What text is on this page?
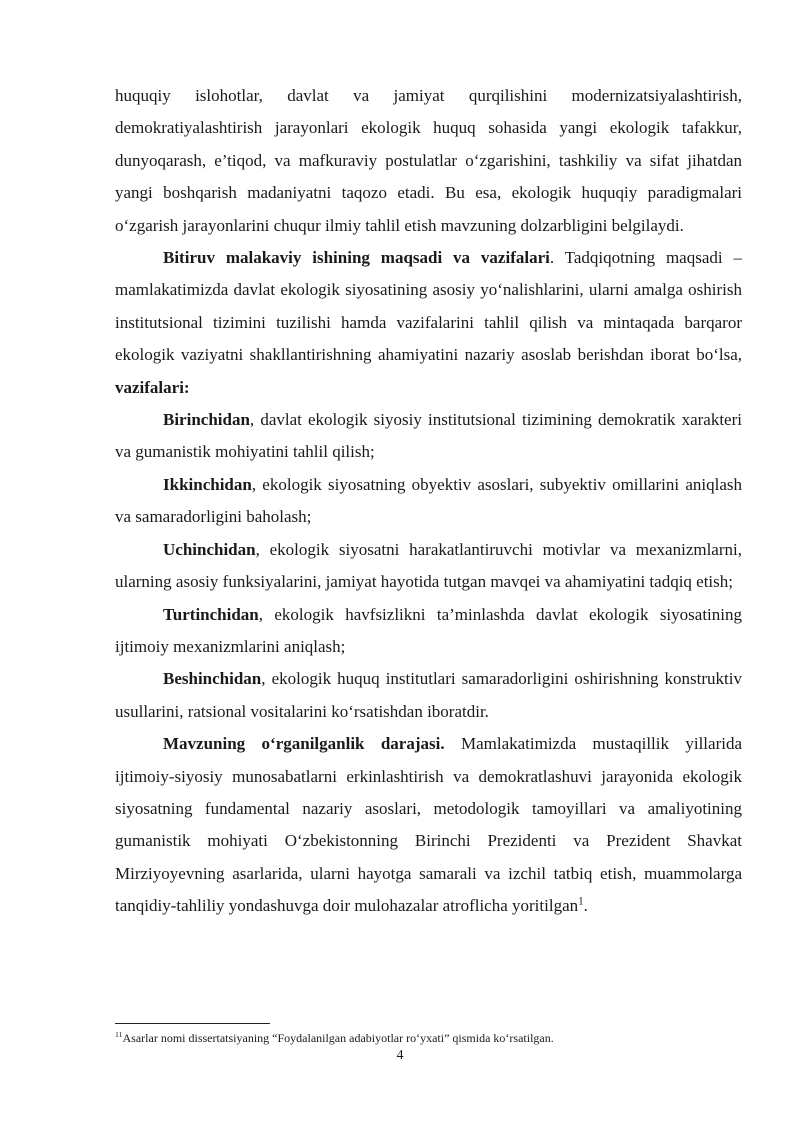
huquqiy islohotlar, davlat va jamiyat qurqilishini modernizatsiyalashtirish, demokratiyalashtirish jarayonlari ekologik huquq sohasida yangi ekologik tafakkur, dunyoqarash, e’tiqod, va mafkuraviy postulatlar o‘zgarishini, tashkiliy va sifat jihatdan yangi boshqarish madaniyatni taqozo etadi. Bu esa, ekologik huquqiy paradigmalari o‘zgarish jarayonlarini chuqur ilmiy tahlil etish mavzuning dolzarbligini belgilaydi.

Bitiruv malakaviy ishining maqsadi va vazifalari. Tadqiqotning maqsadi – mamlakatimizda davlat ekologik siyosatining asosiy yo‘nalishlarini, ularni amalga oshirish institutsional tizimini tuzilishi hamda vazifalarini tahlil qilish va mintaqada barqaror ekologik vaziyatni shakllantirishning ahamiyatini nazariy asoslab berishdan iborat bo‘lsa, vazifalari:

Birinchidan, davlat ekologik siyosiy institutsional tizimining demokratik xarakteri va gumanistik mohiyatini tahlil qilish;

Ikkinchidan, ekologik siyosatning obyektiv asoslari, subyektiv omillarini aniqlash va samaradorligini baholash;

Uchinchidan, ekologik siyosatni harakatlantiruvchi motivlar va mexanizmlarni, ularning asosiy funksiyalarini, jamiyat hayotida tutgan mavqei va ahamiyatini tadqiq etish;

Turtinchidan, ekologik havfsizlikni ta’minlashda davlat ekologik siyosatining ijtimoiy mexanizmlarini aniqlash;

Beshinchidan, ekologik huquq institutlari samaradorligini oshirishning konstruktiv usullarini, ratsional vositalarini ko‘rsatishdan iboratdir.

Mavzuning o‘rganilganlik darajasi. Mamlakatimizda mustaqillik yillarida ijtimoiy-siyosiy munosabatlarni erkinlashtirish va demokratlashuvi jarayonida ekologik siyosatning fundamental nazariy asoslari, metodologik tamoyillari va amaliyotining gumanistik mohiyati O‘zbekistonning Birinchi Prezidenti va Prezident Shavkat Mirziyoyevning asarlarida, ularni hayotga samarali va izchil tatbiq etish, muammolarga tanqidiy-tahliliy yondashuvga doir mulohazalar atroflicha yoritilgan$^1$.

$^{11}$Asarlar nomi dissertatsiyaning “Foydalanilgan adabiyotlar ro‘yxati” qismida ko‘rsatilgan.
4
